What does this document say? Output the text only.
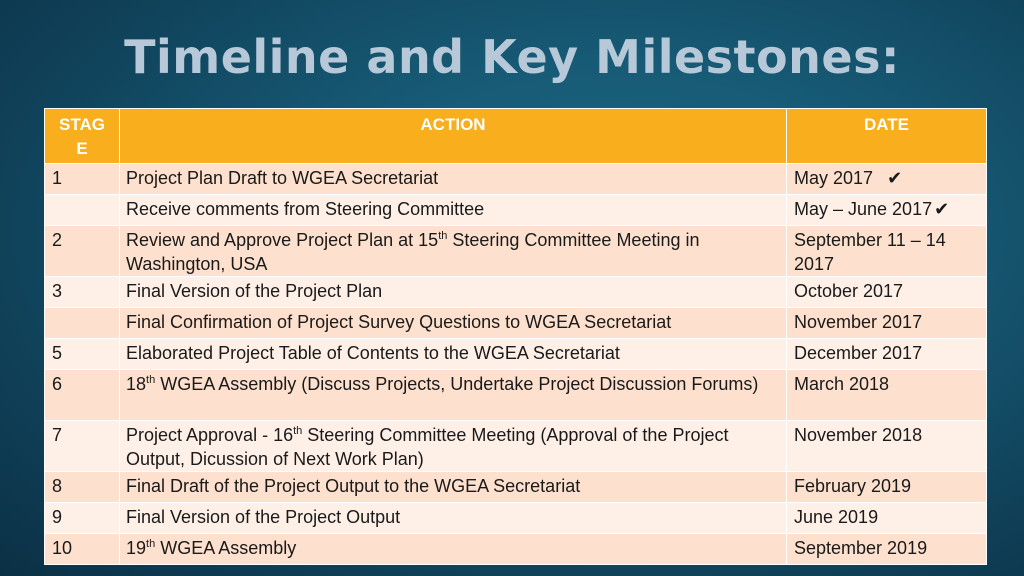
Timeline and Key Milestones:
STAG E	ACTION	DATE
1	Project Plan Draft to WGEA Secretariat	May 2017 ✔
	Receive comments from Steering Committee	May – June 2017 ✔
2	Review and Approve Project Plan at 15th Steering Committee Meeting in Washington, USA	September 11 – 14 2017
3	Final Version of the Project Plan	October 2017
	Final Confirmation of Project Survey Questions to WGEA Secretariat	November 2017
5	Elaborated Project Table of Contents to the WGEA Secretariat	December 2017
6	18th WGEA Assembly (Discuss Projects, Undertake Project Discussion Forums)	March 2018
7	Project Approval - 16th Steering Committee Meeting (Approval of the Project Output, Dicussion of Next Work Plan)	November 2018
8	Final Draft of the Project Output to the WGEA Secretariat	February 2019
9	Final Version of the Project Output	June 2019
10	19th WGEA Assembly	September 2019
